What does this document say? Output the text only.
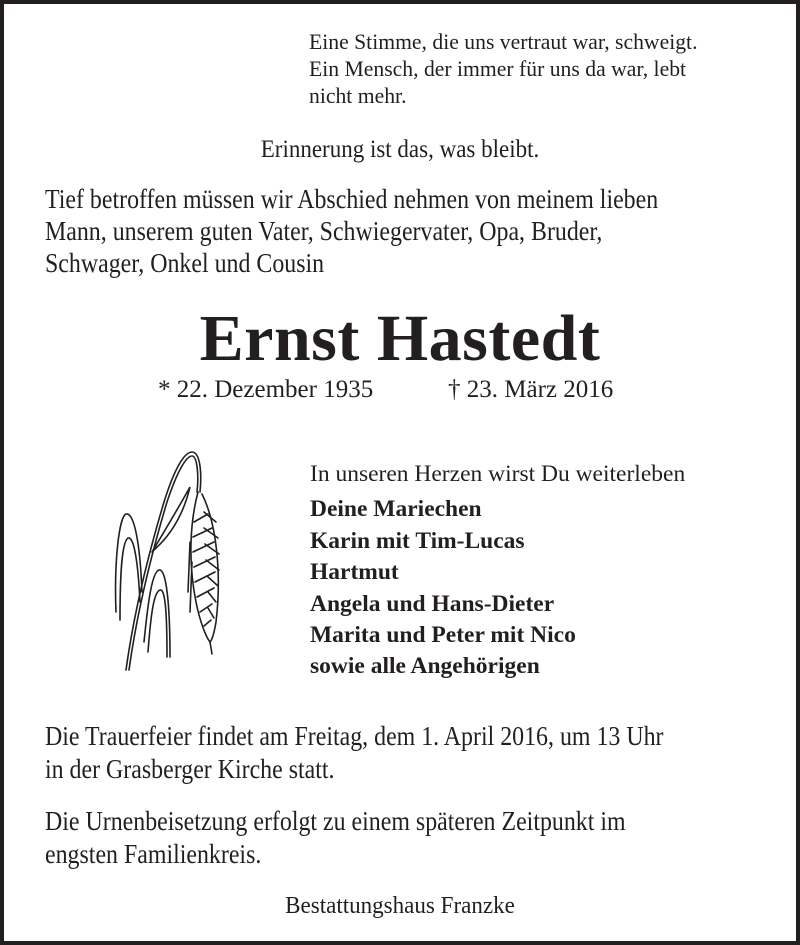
Eine Stimme, die uns vertraut war, schweigt.
Ein Mensch, der immer für uns da war, lebt
nicht mehr.
Erinnerung ist das, was bleibt.
Tief betroffen müssen wir Abschied nehmen von meinem lieben
Mann, unserem guten Vater, Schwiegervater, Opa, Bruder,
Schwager, Onkel und Cousin
Ernst Hastedt
* 22. Dezember 1935	† 23. März 2016
In unseren Herzen wirst Du weiterleben
Deine Mariechen
Karin mit Tim-Lucas
Hartmut
Angela und Hans-Dieter
Marita und Peter mit Nico
sowie alle Angehörigen
Die Trauerfeier findet am Freitag, dem 1. April 2016, um 13 Uhr
in der Grasberger Kirche statt.
Die Urnenbeisetzung erfolgt zu einem späteren Zeitpunkt im
engsten Familienkreis.
Bestattungshaus Franzke
